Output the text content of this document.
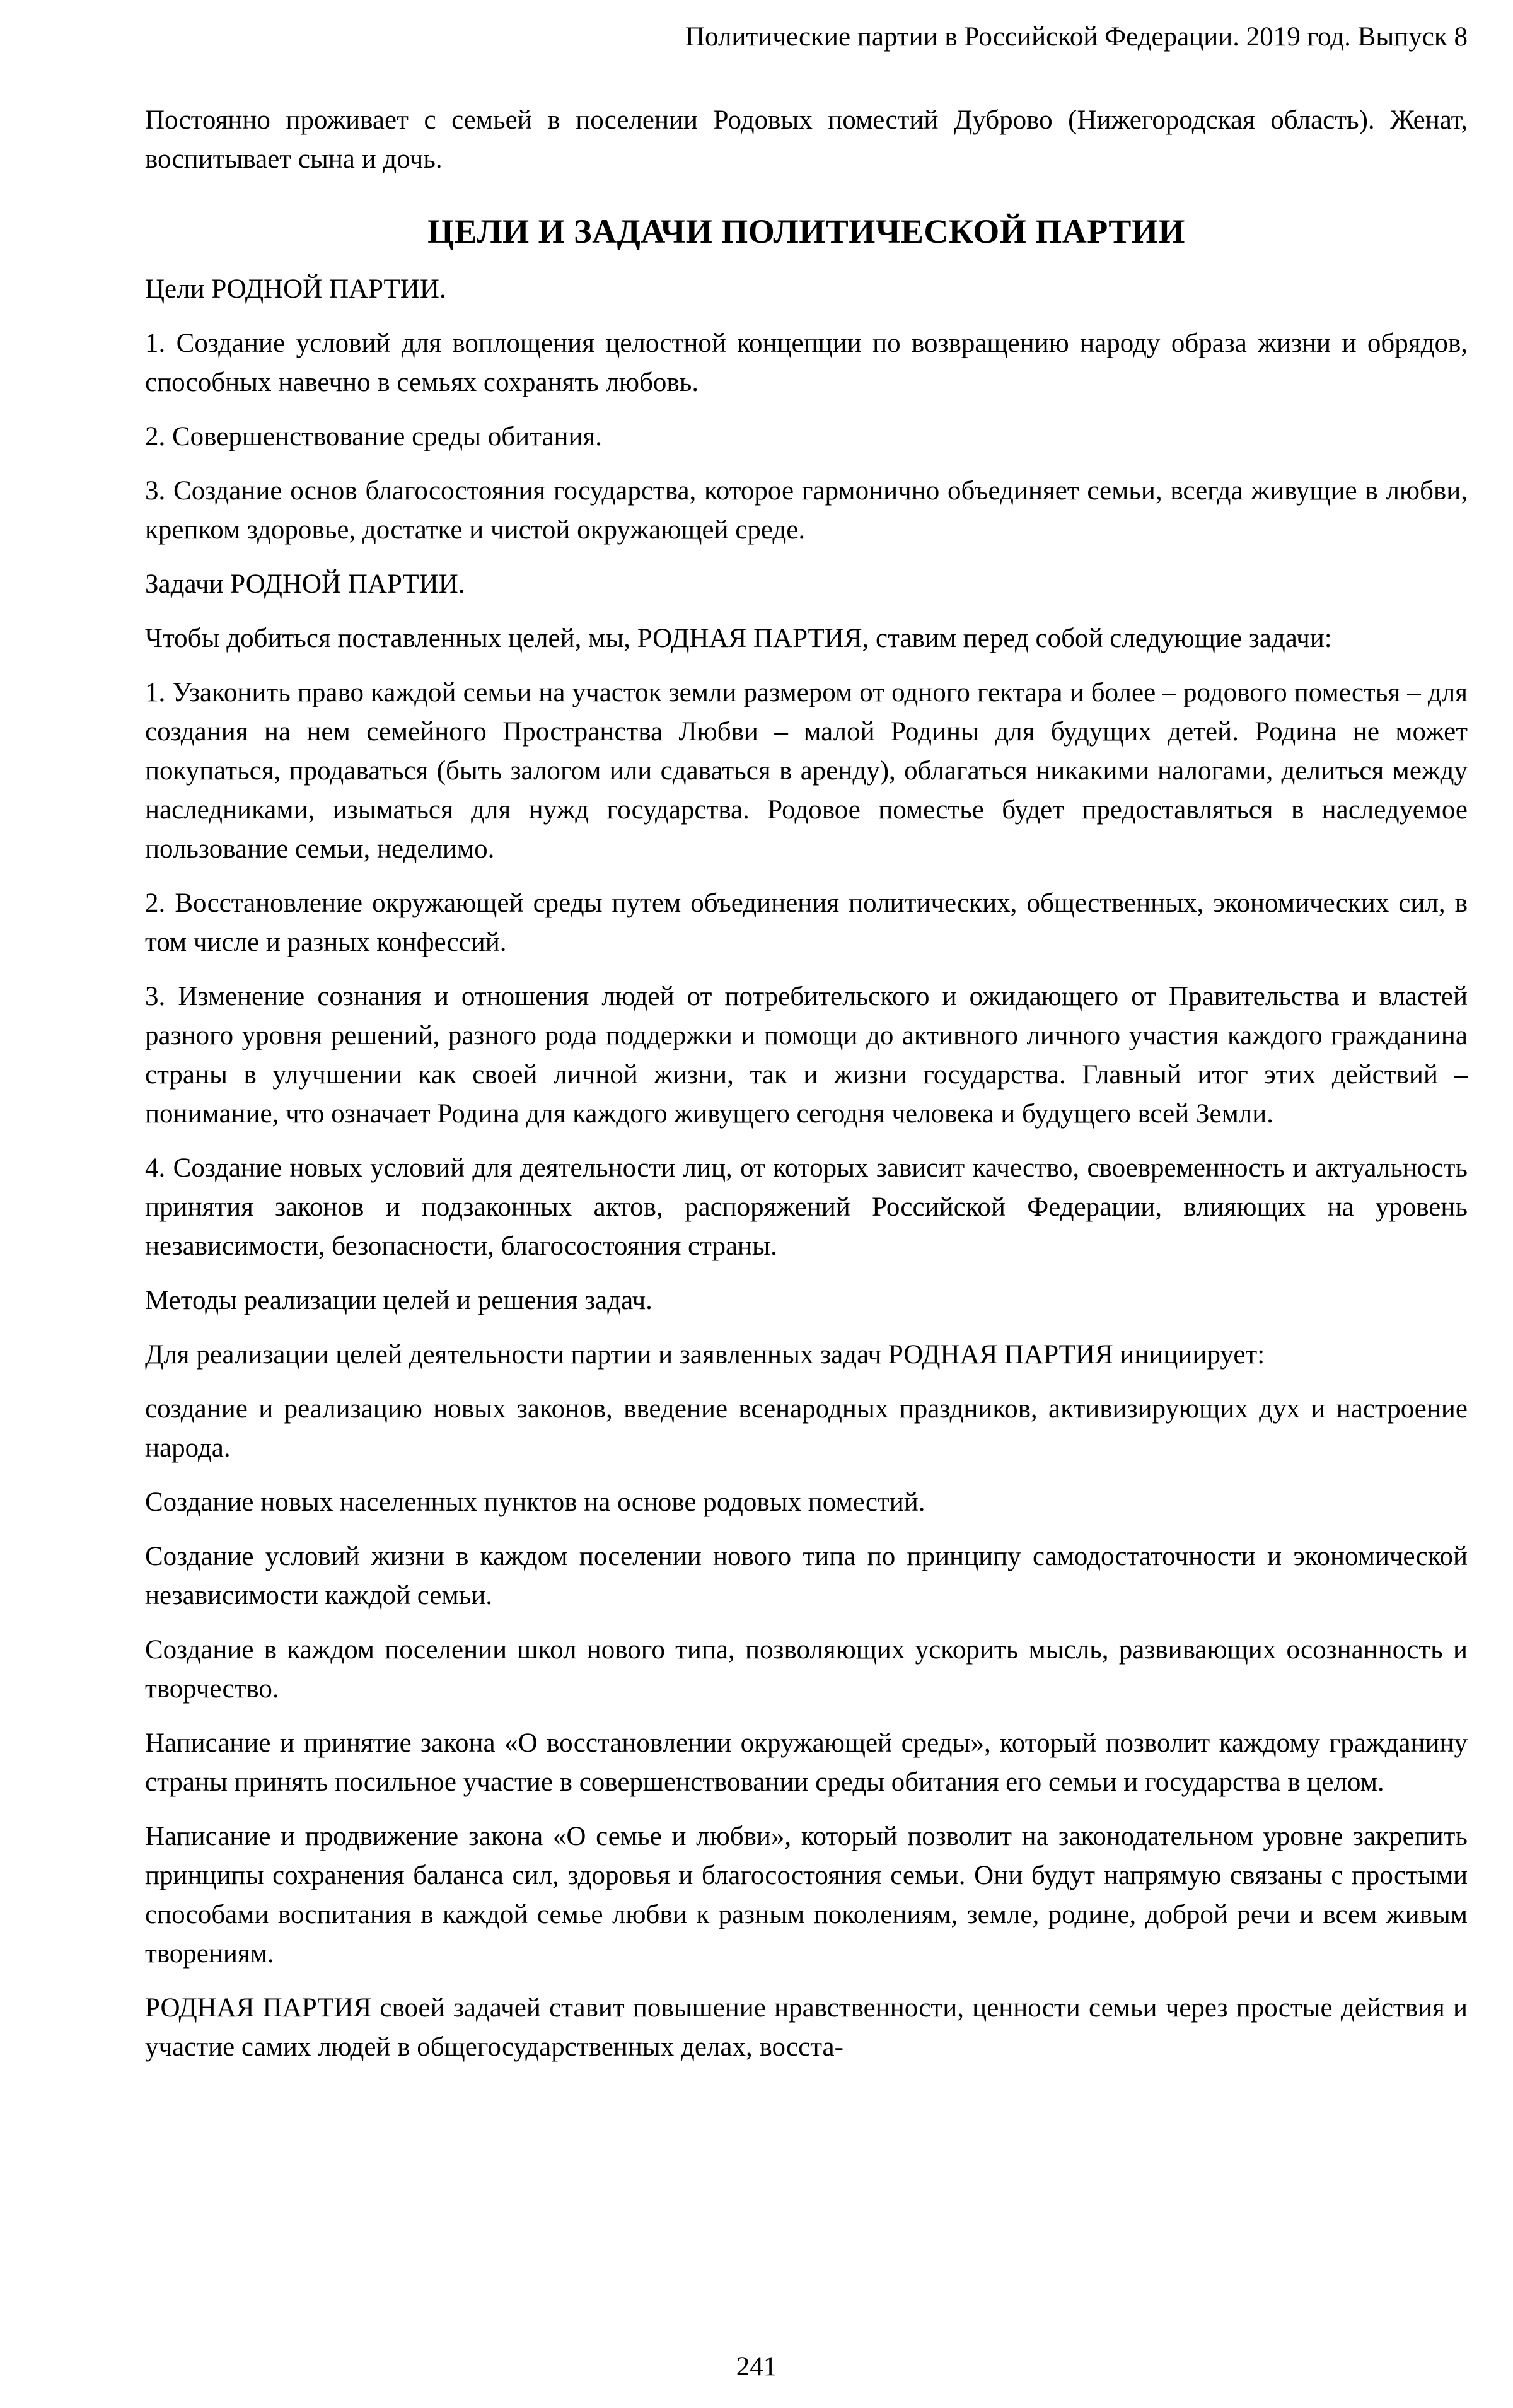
Политические партии в Российской Федерации. 2019 год. Выпуск 8

Постоянно проживает с семьей в поселении Родовых поместий Дуброво (Нижегородская область). Женат, воспитывает сына и дочь.

ЦЕЛИ И ЗАДАЧИ ПОЛИТИЧЕСКОЙ ПАРТИИ

Цели РОДНОЙ ПАРТИИ.

1. Создание условий для воплощения целостной концепции по возвращению народу образа жизни и обрядов, способных навечно в семьях сохранять любовь.

2. Совершенствование среды обитания.

3. Создание основ благосостояния государства, которое гармонично объединяет семьи, всегда живущие в любви, крепком здоровье, достатке и чистой окружающей среде.

Задачи РОДНОЙ ПАРТИИ.

Чтобы добиться поставленных целей, мы, РОДНАЯ ПАРТИЯ, ставим перед собой следующие задачи:

1. Узаконить право каждой семьи на участок земли размером от одного гектара и более – родового поместья – для создания на нем семейного Пространства Любви – малой Родины для будущих детей. Родина не может покупаться, продаваться (быть залогом или сдаваться в аренду), облагаться никакими налогами, делиться между наследниками, изыматься для нужд государства. Родовое поместье будет предоставляться в наследуемое пользование семьи, неделимо.

2. Восстановление окружающей среды путем объединения политических, общественных, экономических сил, в том числе и разных конфессий.

3. Изменение сознания и отношения людей от потребительского и ожидающего от Правительства и властей разного уровня решений, разного рода поддержки и помощи до активного личного участия каждого гражданина страны в улучшении как своей личной жизни, так и жизни государства. Главный итог этих действий – понимание, что означает Родина для каждого живущего сегодня человека и будущего всей Земли.

4. Создание новых условий для деятельности лиц, от которых зависит качество, своевременность и актуальность принятия законов и подзаконных актов, распоряжений Российской Федерации, влияющих на уровень независимости, безопасности, благосостояния страны.

Методы реализации целей и решения задач.

Для реализации целей деятельности партии и заявленных задач РОДНАЯ ПАРТИЯ инициирует:

создание и реализацию новых законов, введение всенародных праздников, активизирующих дух и настроение народа.

Создание новых населенных пунктов на основе родовых поместий.

Создание условий жизни в каждом поселении нового типа по принципу самодостаточности и экономической независимости каждой семьи.

Создание в каждом поселении школ нового типа, позволяющих ускорить мысль, развивающих осознанность и творчество.

Написание и принятие закона «О восстановлении окружающей среды», который позволит каждому гражданину страны принять посильное участие в совершенствовании среды обитания его семьи и государства в целом.

Написание и продвижение закона «О семье и любви», который позволит на законодательном уровне закрепить принципы сохранения баланса сил, здоровья и благосостояния семьи. Они будут напрямую связаны с простыми способами воспитания в каждой семье любви к разным поколениям, земле, родине, доброй речи и всем живым творениям.

РОДНАЯ ПАРТИЯ своей задачей ставит повышение нравственности, ценности семьи через простые действия и участие самих людей в общегосударственных делах, восста-

241
